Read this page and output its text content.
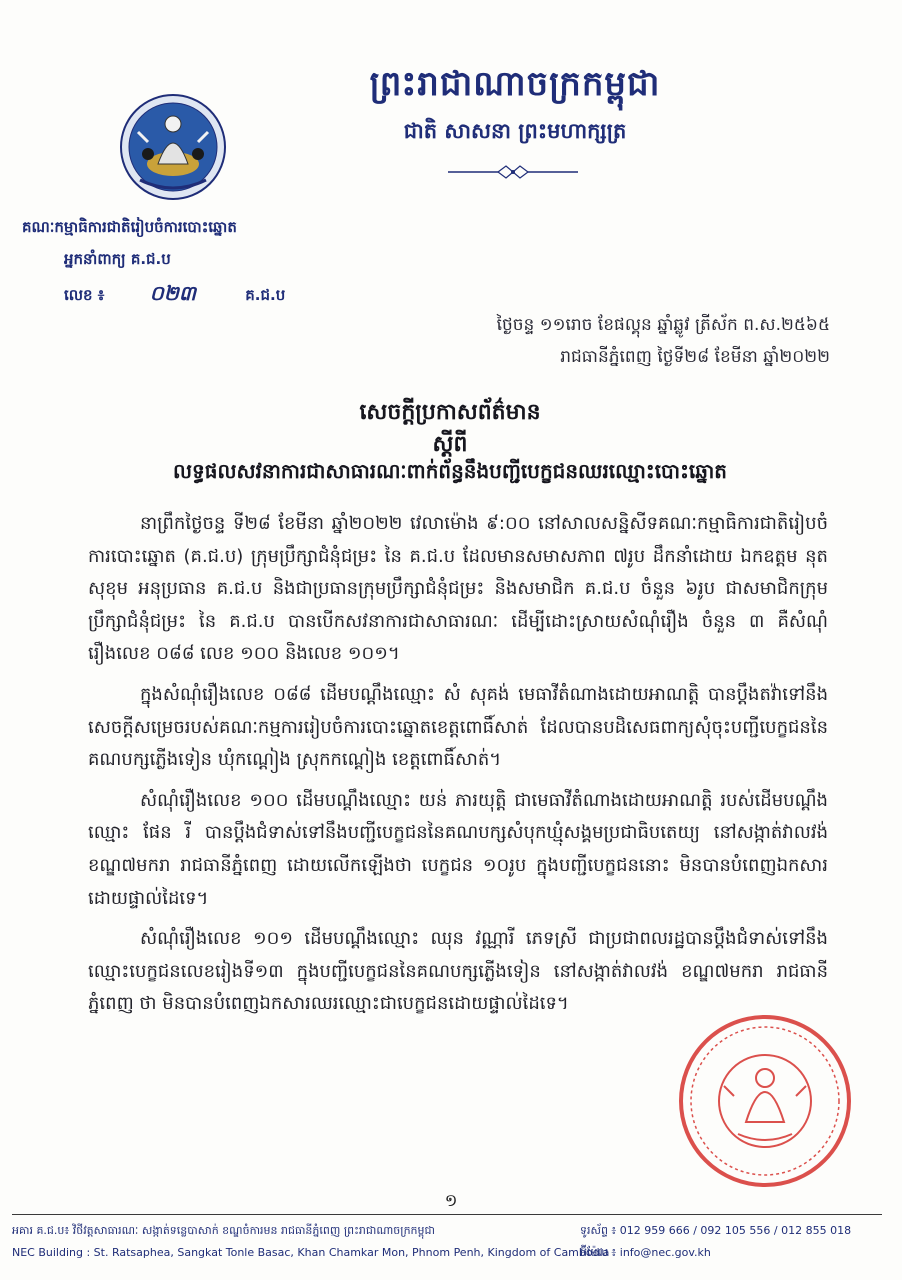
ព្រះរាជាណាចក្រកម្ពុជា
ជាតិ សាសនា ព្រះមហាក្សត្រ
គណៈកម្មាធិការជាតិរៀបចំការបោះឆ្នោត
អ្នកនាំពាក្យ គ.ជ.ប
លេខ ៖ ០២៣	គ.ជ.ប
ថ្ងៃចន្ទ ១១រោច ខែផល្គុន ឆ្នាំឆ្លូវ ត្រីស័ក ព.ស.២៥៦៥
រាជធានីភ្នំពេញ ថ្ងៃទី២៨ ខែមីនា ឆ្នាំ២០២២
សេចក្ដីប្រកាសព័ត៌មាន
ស្ដីពី
លទ្ធផលសវនាការជាសាធារណៈពាក់ព័ន្ធនឹងបញ្ជីបេក្ខជនឈរឈ្មោះបោះឆ្នោត

នាព្រឹកថ្ងៃចន្ទ ទី២៨ ខែមីនា ឆ្នាំ២០២២ វេលាម៉ោង ៩:០០ នៅសាលសន្និសីទគណៈកម្មាធិការជាតិរៀបចំការបោះឆ្នោត (គ.ជ.ប) ក្រុមប្រឹក្សាជំនុំជម្រះ នៃ គ.ជ.ប ដែលមានសមាសភាព ៧រូប ដឹកនាំដោយ ឯកឧត្តម នុត សុខុម អនុប្រធាន គ.ជ.ប និងជាប្រធានក្រុមប្រឹក្សាជំនុំជម្រះ និងសមាជិក គ.ជ.ប ចំនួន ៦រូប ជាសមាជិកក្រុមប្រឹក្សាជំនុំជម្រះ នៃ គ.ជ.ប បានបើកសវនាការជាសាធារណៈ ដើម្បីដោះស្រាយសំណុំរឿង ចំនួន ៣ គឺសំណុំរឿងលេខ ០៨៨ លេខ ១០០ និងលេខ ១០១។

ក្នុងសំណុំរឿងលេខ ០៨៨ ដើមបណ្ដឹងឈ្មោះ សំ សុគង់ មេធាវីតំណាងដោយអាណត្តិ បានប្ដឹងតវ៉ាទៅនឹងសេចក្ដីសម្រេចរបស់គណៈកម្មការរៀបចំការបោះឆ្នោតខេត្តពោធិ៍សាត់ ដែលបានបដិសេធពាក្យសុំចុះបញ្ជីបេក្ខជននៃគណបក្សភ្លើងទៀន ឃុំកណ្ដៀង ស្រុកកណ្ដៀង ខេត្តពោធិ៍សាត់។

សំណុំរឿងលេខ ១០០ ដើមបណ្ដឹងឈ្មោះ យន់ ភារយុត្តិ ជាមេធាវីតំណាងដោយអាណត្តិ របស់ដើមបណ្ដឹងឈ្មោះ ផែន រី បានប្ដឹងជំទាស់ទៅនឹងបញ្ជីបេក្ខជននៃគណបក្សសំបុកឃ្មុំសង្គមប្រជាធិបតេយ្យ នៅសង្កាត់វាលវង់ ខណ្ឌ៧មករា រាជធានីភ្នំពេញ ដោយលើកឡើងថា បេក្ខជន ១០រូប ក្នុងបញ្ជីបេក្ខជននោះ មិនបានបំពេញឯកសារដោយផ្ទាល់ដៃទេ។

សំណុំរឿងលេខ ១០១ ដើមបណ្ដឹងឈ្មោះ ឈុន វណ្ណារី ភេទស្រី ជាប្រជាពលរដ្ឋបានប្ដឹងជំទាស់ទៅនឹងឈ្មោះបេក្ខជនលេខរៀងទី១៣ ក្នុងបញ្ជីបេក្ខជននៃគណបក្សភ្លើងទៀន នៅសង្កាត់វាលវង់ ខណ្ឌ៧មករា រាជធានីភ្នំពេញ ថា មិនបានបំពេញឯកសារឈរឈ្មោះជាបេក្ខជនដោយផ្ទាល់ដៃទេ។

១
អគារ គ.ជ.ប៖ វិថីវត្ដសាធារណៈ សង្កាត់ទន្លេបាសាក់ ខណ្ឌចំការមន រាជធានីភ្នំពេញ ព្រះរាជាណាចក្រកម្ពុជា
NEC Building : St. Ratsaphea, Sangkat Tonle Basac, Khan Chamkar Mon, Phnom Penh, Kingdom of Cambodia
ទូរស័ព្ទ ៖ 012 959 666 / 092 105 556 / 012 855 018
អ៊ីម៉ែល ៖ info@nec.gov.kh
